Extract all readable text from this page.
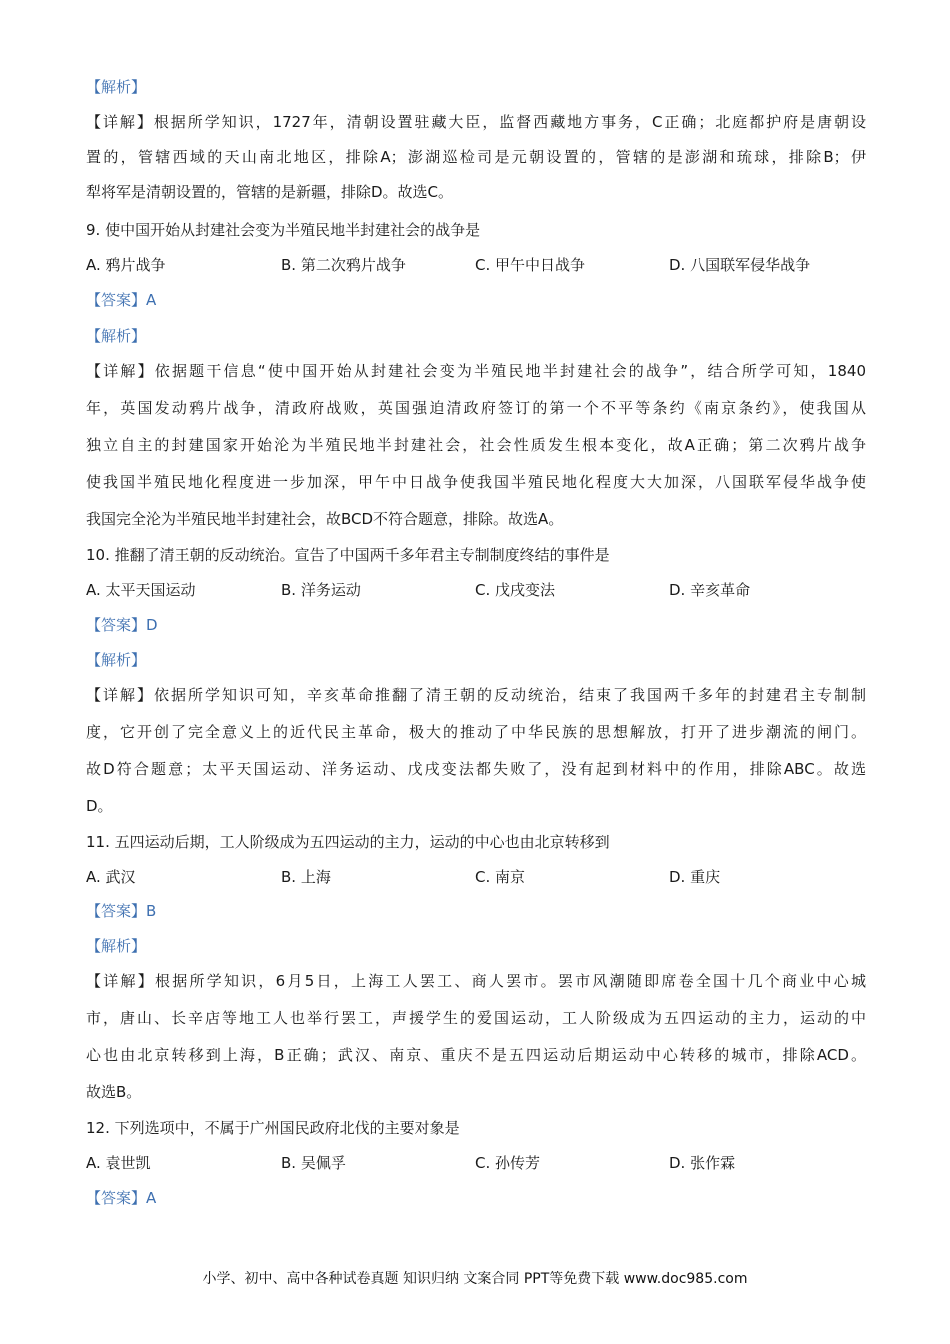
【解析】
【详解】根据所学知识，1727年，清朝设置驻藏大臣，监督西藏地方事务，C正确；北庭都护府是唐朝设
置的，管辖西域的天山南北地区，排除A；澎湖巡检司是元朝设置的，管辖的是澎湖和琉球，排除B；伊
犁将军是清朝设置的，管辖的是新疆，排除D。故选C。
9. 使中国开始从封建社会变为半殖民地半封建社会的战争是
A. 鸦片战争	B. 第二次鸦片战争	C. 甲午中日战争	D. 八国联军侵华战争
【答案】A
【解析】
【详解】依据题干信息“使中国开始从封建社会变为半殖民地半封建社会的战争”，结合所学可知，1840
年，英国发动鸦片战争，清政府战败，英国强迫清政府签订的第一个不平等条约《南京条约》，使我国从
独立自主的封建国家开始沦为半殖民地半封建社会，社会性质发生根本变化，故A正确；第二次鸦片战争
使我国半殖民地化程度进一步加深，甲午中日战争使我国半殖民地化程度大大加深，八国联军侵华战争使
我国完全沦为半殖民地半封建社会，故BCD不符合题意，排除。故选A。
10. 推翻了清王朝的反动统治。宣告了中国两千多年君主专制制度终结的事件是
A. 太平天国运动	B. 洋务运动	C. 戊戌变法	D. 辛亥革命
【答案】D
【解析】
【详解】依据所学知识可知，辛亥革命推翻了清王朝的反动统治，结束了我国两千多年的封建君主专制制
度，它开创了完全意义上的近代民主革命，极大的推动了中华民族的思想解放，打开了进步潮流的闸门。
故D符合题意；太平天国运动、洋务运动、戊戌变法都失败了，没有起到材料中的作用，排除ABC。故选
D。
11. 五四运动后期，工人阶级成为五四运动的主力，运动的中心也由北京转移到
A. 武汉	B. 上海	C. 南京	D. 重庆
【答案】B
【解析】
【详解】根据所学知识，6月5日，上海工人罢工、商人罢市。罢市风潮随即席卷全国十几个商业中心城
市，唐山、长辛店等地工人也举行罢工，声援学生的爱国运动，工人阶级成为五四运动的主力，运动的中
心也由北京转移到上海，B正确；武汉、南京、重庆不是五四运动后期运动中心转移的城市，排除ACD。
故选B。
12. 下列选项中，不属于广州国民政府北伐的主要对象是
A. 袁世凯	B. 吴佩孚	C. 孙传芳	D. 张作霖
【答案】A
小学、初中、高中各种试卷真题 知识归纳 文案合同 PPT等免费下载 www.doc985.com
